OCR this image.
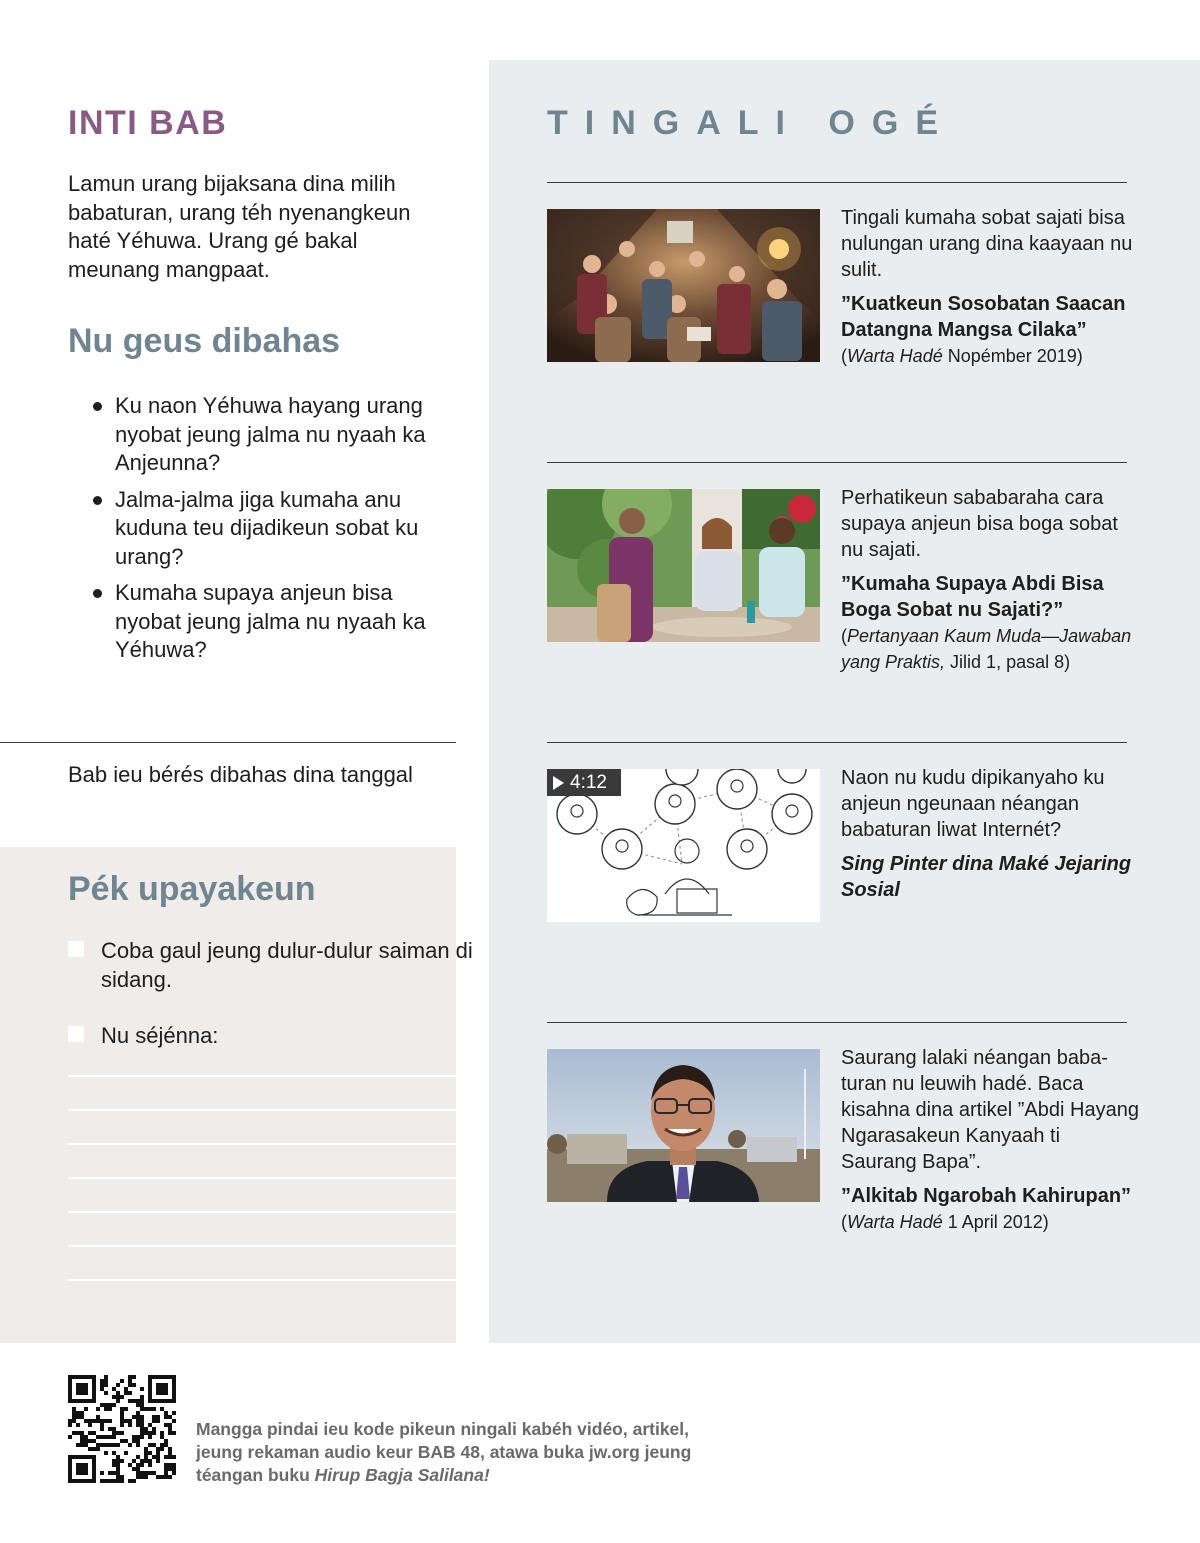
INTI BAB
Lamun urang bijaksana dina milih babaturan, urang téh nyenangkeun haté Yéhuwa. Urang gé bakal meunang mangpaat.
Nu geus dibahas
Ku naon Yéhuwa hayang urang nyobat jeung jalma nu nyaah ka Anjeunna?
Jalma-jalma jiga kumaha anu kuduna teu dijadikeun sobat ku urang?
Kumaha supaya anjeun bisa nyobat jeung jalma nu nyaah ka Yéhuwa?
Bab ieu bérés dibahas dina tanggal
Pék upayakeun
Coba gaul jeung dulur-dulur saiman di sidang.
Nu séjénna:
TINGALI OGÉ
Tingali kumaha sobat sajati bisa nulungan urang dina kaayaan nu sulit.
”Kuatkeun Sosobatan Saacan Datangna Mangsa Cilaka”
(Warta Hadé Nopémber 2019)
Perhatikeun sababaraha cara supaya anjeun bisa boga sobat nu sajati.
”Kumaha Supaya Abdi Bisa Boga Sobat nu Sajati?”
(Pertanyaan Kaum Muda—Jawaban yang Praktis, Jilid 1, pasal 8)
4:12	Naon nu kudu dipikanyaho ku anjeun ngeunaan néangan babaturan liwat Internét?
Sing Pinter dina Maké Jejaring Sosial
Saurang lalaki néangan babaturan nu leuwih hadé. Baca kisahna dina artikel ”Abdi Hayang Ngarasakeun Kanyaah ti Saurang Bapa”.
”Alkitab Ngarobah Kahirupan”
(Warta Hadé 1 April 2012)
Mangga pindai ieu kode pikeun ningali kabéh vidéo, artikel, jeung rekaman audio keur BAB 48, atawa buka jw.org jeung téangan buku Hirup Bagja Salilana!
